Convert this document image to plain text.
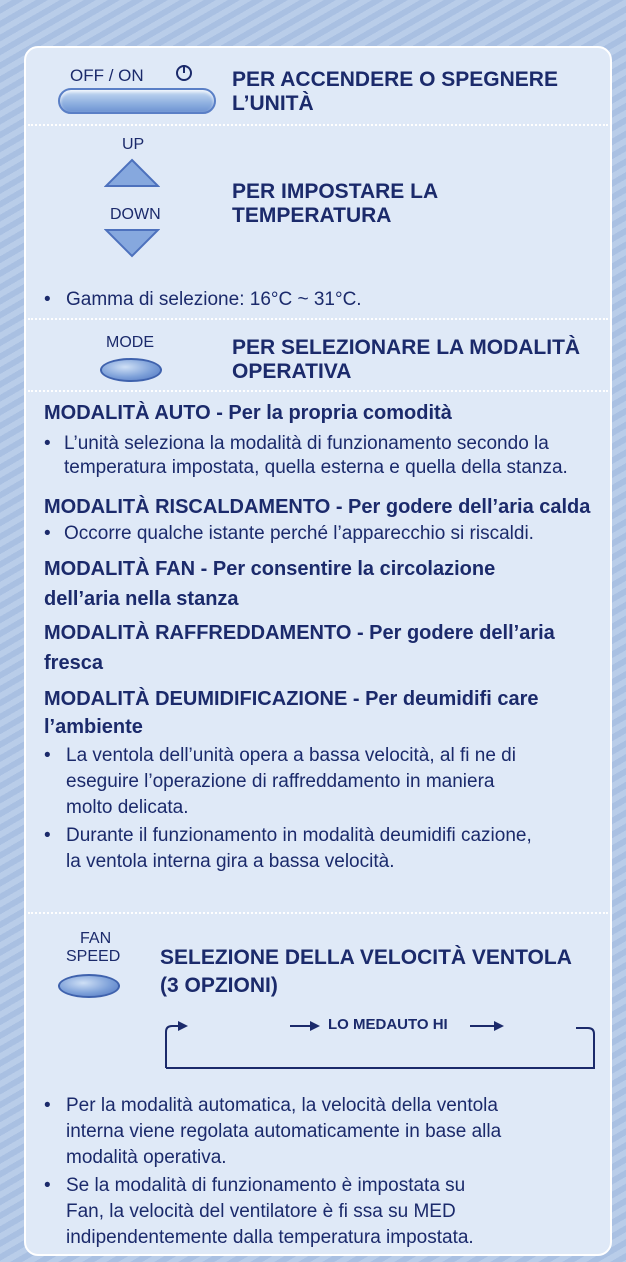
OFF / ON	PER ACCENDERE O SPEGNERE
L’UNITÀ
UP
DOWN
PER IMPOSTARE LA
TEMPERATURA
• Gamma di selezione: 16°C ~ 31°C.
MODE	PER SELEZIONARE LA MODALITÀ
OPERATIVA
MODALITÀ AUTO - Per la propria comodità
• L’unità seleziona la modalità di funzionamento secondo la
temperatura impostata, quella esterna e quella della stanza.
MODALITÀ RISCALDAMENTO - Per godere dell’aria calda
• Occorre qualche istante perché l’apparecchio si riscaldi.
MODALITÀ FAN - Per consentire la circolazione
dell’aria nella stanza
MODALITÀ RAFFREDDAMENTO - Per godere dell’aria
fresca
MODALITÀ DEUMIDIFICAZIONE - Per deumidifi care
l’ambiente
• La ventola dell’unità opera a bassa velocità, al fi ne di
eseguire l’operazione di raffreddamento in maniera
molto delicata.
• Durante il funzionamento in modalità deumidifi cazione,
la ventola interna gira a bassa velocità.
FAN
SPEED SELEZIONE DELLA VELOCITÀ VENTOLA
(3 OPZIONI)
LO MEDAUTO HI
• Per la modalità automatica, la velocità della ventola
interna viene regolata automaticamente in base alla
modalità operativa.
• Se la modalità di funzionamento è impostata su
Fan, la velocità del ventilatore è fi ssa su MED
indipendentemente dalla temperatura impostata.
